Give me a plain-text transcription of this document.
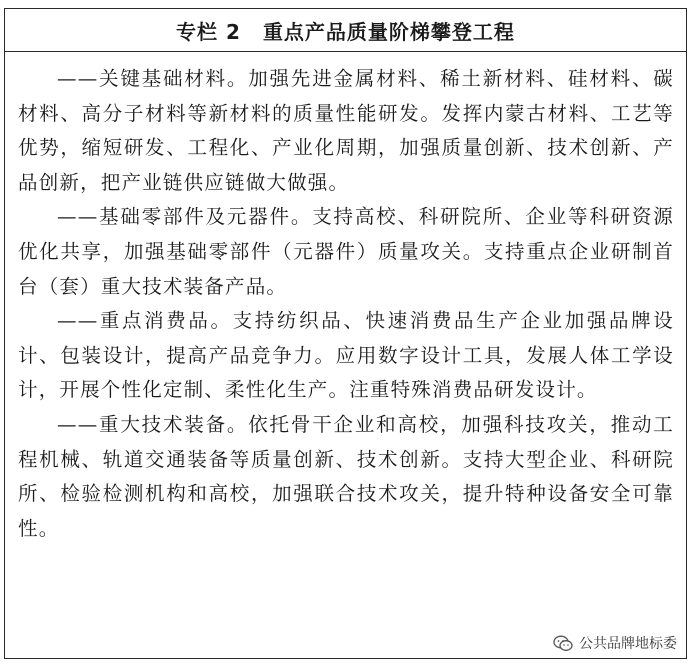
专栏 2 重点产品质量阶梯攀登工程

——关键基础材料。加强先进金属材料、稀土新材料、硅材料、碳材料、高分子材料等新材料的质量性能研发。发挥内蒙古材料、工艺等优势，缩短研发、工程化、产业化周期，加强质量创新、技术创新、产品创新，把产业链供应链做大做强。

——基础零部件及元器件。支持高校、科研院所、企业等科研资源优化共享，加强基础零部件（元器件）质量攻关。支持重点企业研制首台（套）重大技术装备产品。

——重点消费品。支持纺织品、快速消费品生产企业加强品牌设计、包装设计，提高产品竞争力。应用数字设计工具，发展人体工学设计，开展个性化定制、柔性化生产。注重特殊消费品研发设计。

——重大技术装备。依托骨干企业和高校，加强科技攻关，推动工程机械、轨道交通装备等质量创新、技术创新。支持大型企业、科研院所、检验检测机构和高校，加强联合技术攻关，提升特种设备安全可靠性。

公共品牌地标委
